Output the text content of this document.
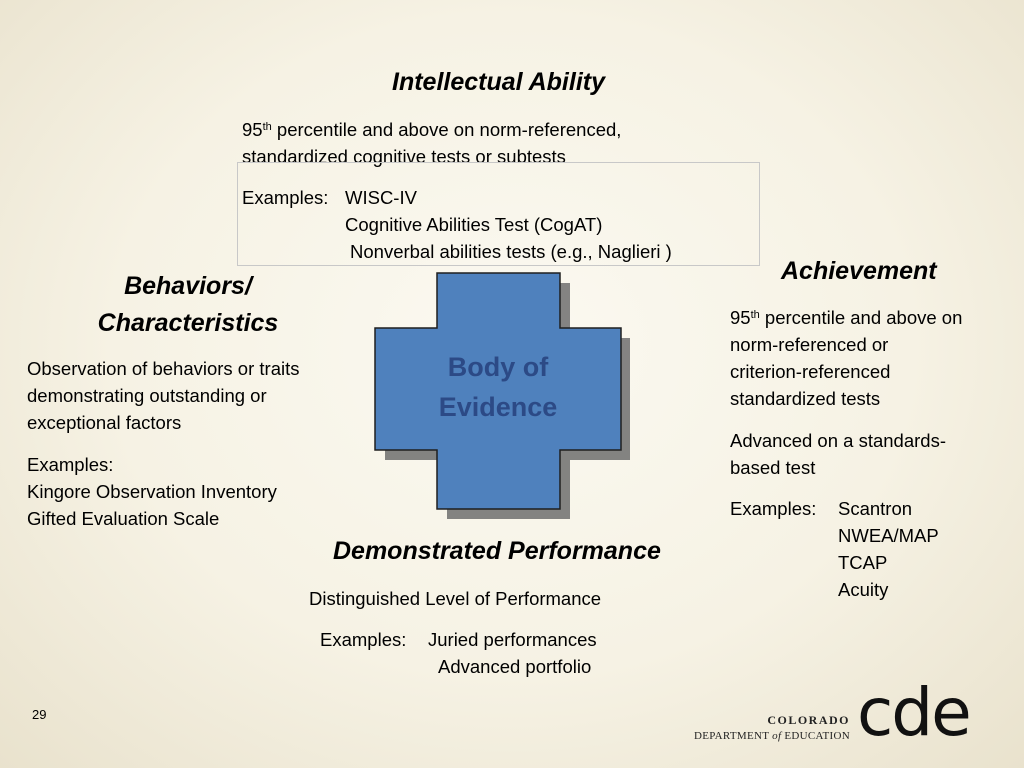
Intellectual Ability
95th percentile and above on norm-referenced,
standardized cognitive tests or subtests
Examples: WISC-IV
Cognitive Abilities Test (CogAT)
Nonverbal abilities tests (e.g., Naglieri )
Behaviors/
Characteristics
Observation of behaviors or traits
demonstrating outstanding or
exceptional factors
Examples:
Kingore Observation Inventory
Gifted Evaluation Scale
Body of
Evidence
Achievement
95th percentile and above on
norm-referenced or
criterion-referenced
standardized tests
Advanced on a standards-
based test
Examples: Scantron
NWEA/MAP
TCAP
Acuity
Demonstrated Performance
Distinguished Level of Performance
Examples: Juried performances
Advanced portfolio
29	COLORADO
DEPARTMENT of EDUCATION cde
